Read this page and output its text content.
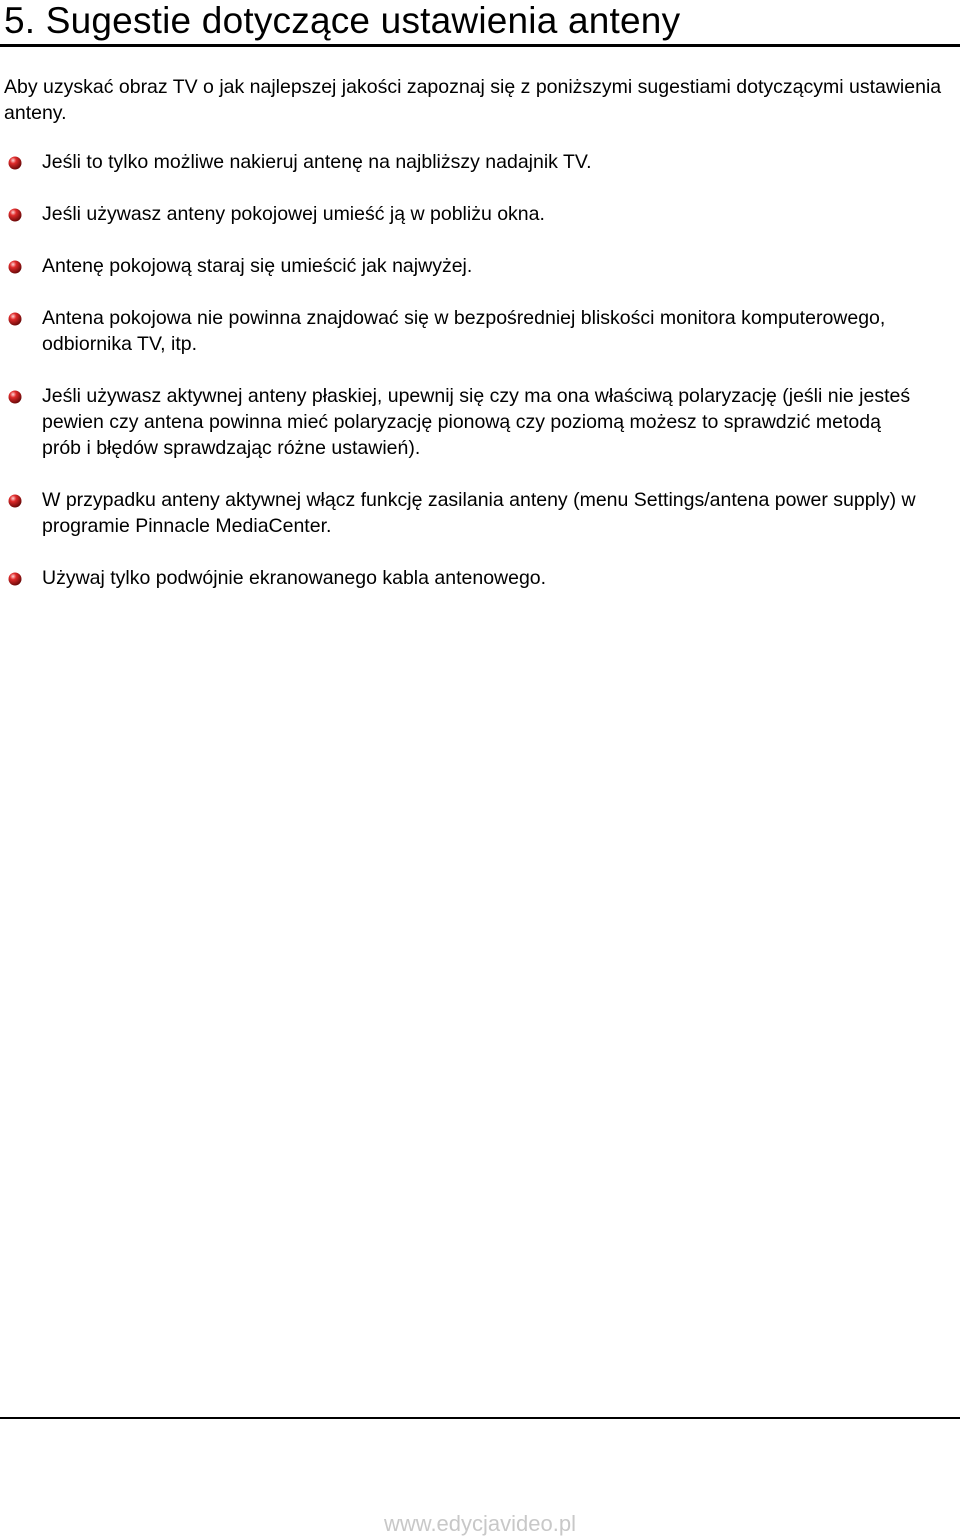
5. Sugestie dotyczące ustawienia anteny

Aby uzyskać obraz TV o jak najlepszej jakości zapoznaj się z poniższymi sugestiami dotyczącymi ustawienia anteny.

Jeśli to tylko możliwe nakieruj antenę na najbliższy nadajnik TV.
Jeśli używasz anteny pokojowej umieść ją w pobliżu okna.
Antenę pokojową staraj się umieścić jak najwyżej.
Antena pokojowa nie powinna znajdować się w bezpośredniej bliskości monitora komputerowego, odbiornika TV, itp.
Jeśli używasz aktywnej anteny płaskiej, upewnij się czy ma ona właściwą polaryzację (jeśli nie jesteś pewien czy antena powinna mieć polaryzację pionową czy poziomą możesz to sprawdzić metodą prób i błędów sprawdzając różne ustawień).
W przypadku anteny aktywnej włącz funkcję zasilania anteny (menu Settings/antena power supply) w programie Pinnacle MediaCenter.
Używaj tylko podwójnie ekranowanego kabla antenowego.
www.edycjavideo.pl
